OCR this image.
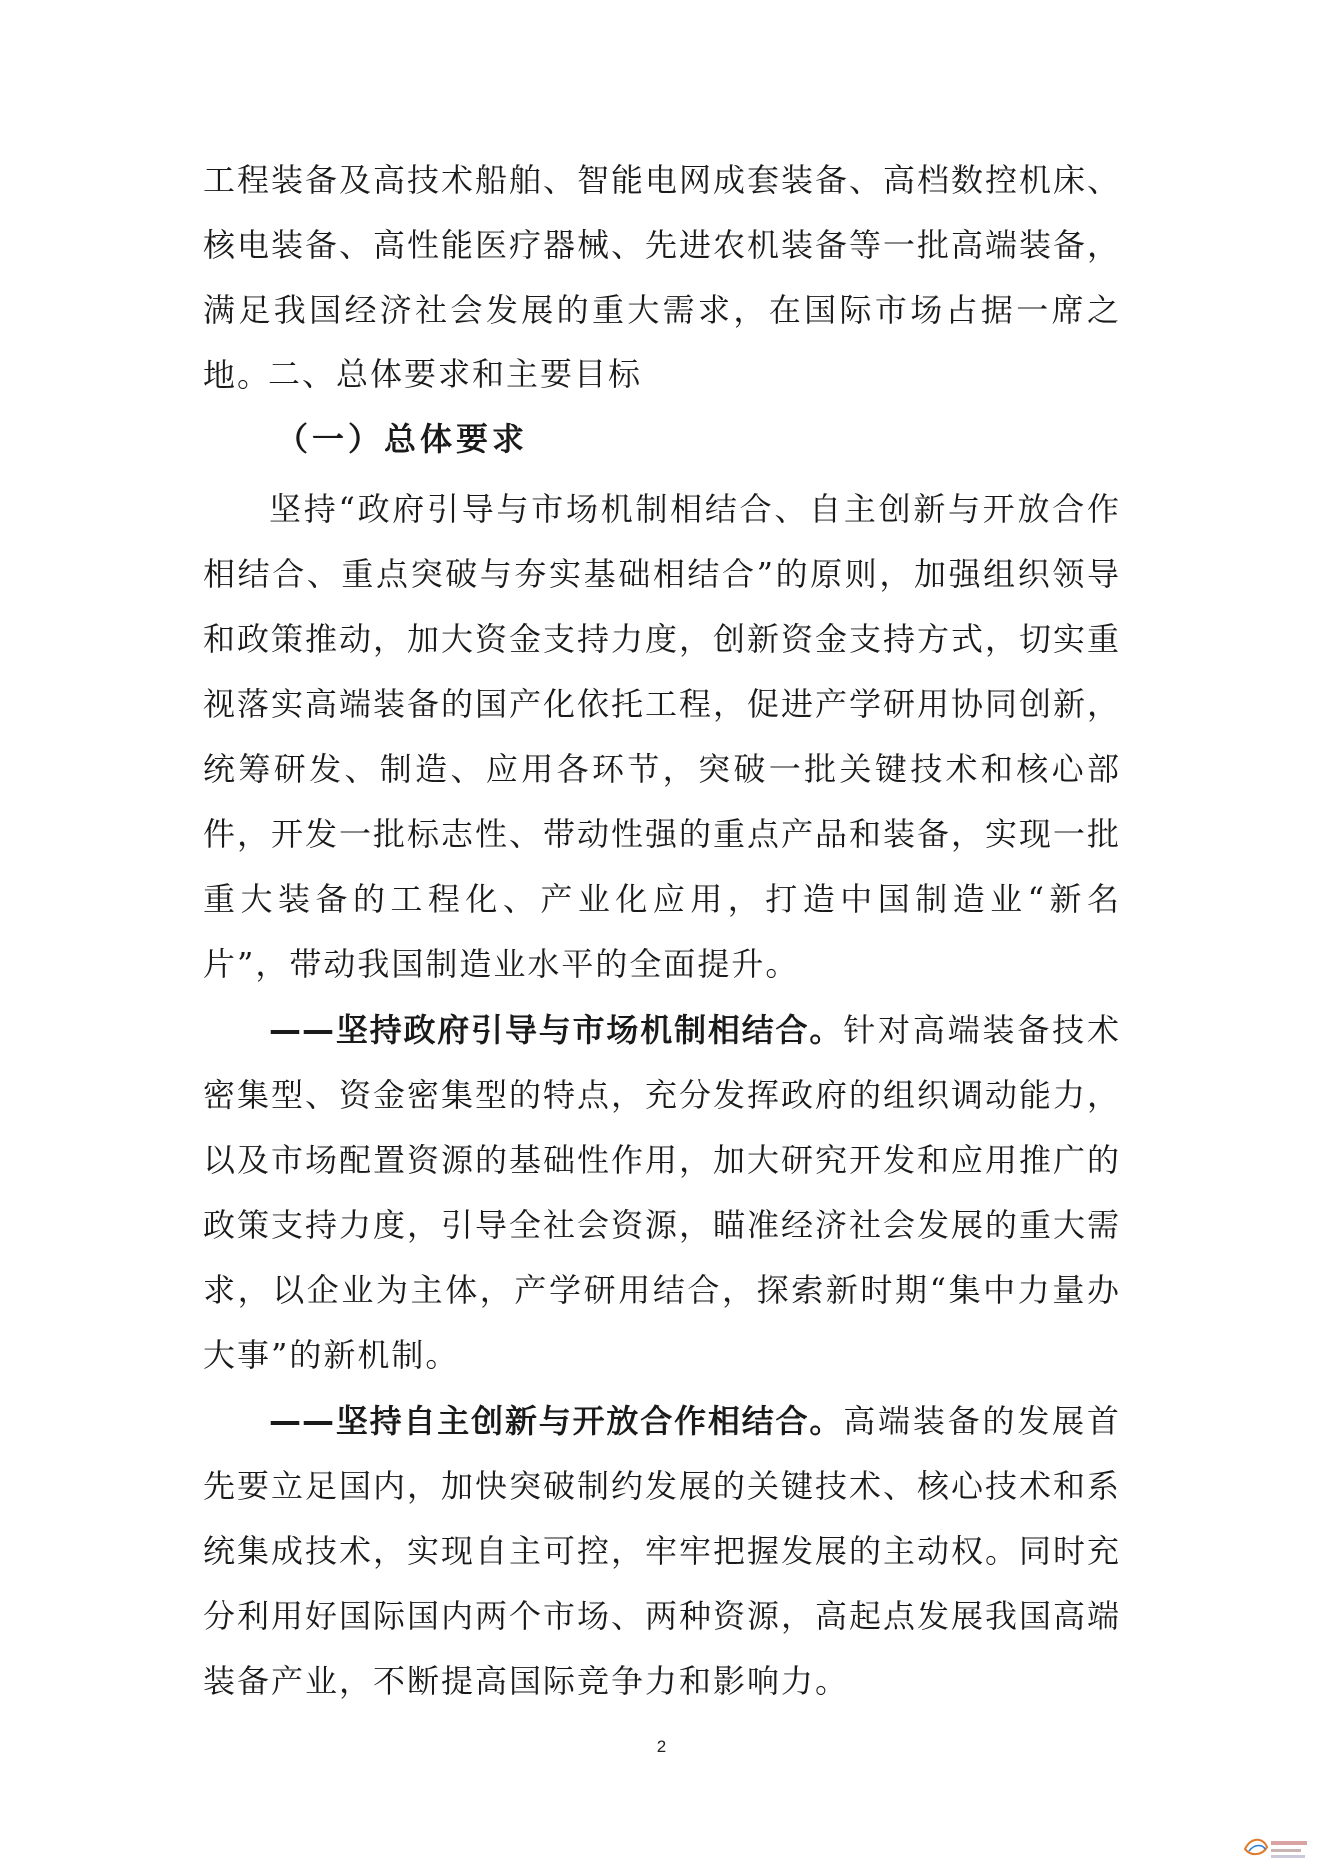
工程装备及高技术船舶、智能电网成套装备、高档数控机床、核电装备、高性能医疗器械、先进农机装备等一批高端装备，满足我国经济社会发展的重大需求，在国际市场占据一席之地。

二、总体要求和主要目标
（一）总体要求

坚持“政府引导与市场机制相结合、自主创新与开放合作相结合、重点突破与夯实基础相结合”的原则，加强组织领导和政策推动，加大资金支持力度，创新资金支持方式，切实重视落实高端装备的国产化依托工程，促进产学研用协同创新，统筹研发、制造、应用各环节，突破一批关键技术和核心部件，开发一批标志性、带动性强的重点产品和装备，实现一批重大装备的工程化、产业化应用，打造中国制造业“新名片”，带动我国制造业水平的全面提升。

——坚持政府引导与市场机制相结合。针对高端装备技术密集型、资金密集型的特点，充分发挥政府的组织调动能力，以及市场配置资源的基础性作用，加大研究开发和应用推广的政策支持力度，引导全社会资源，瞄准经济社会发展的重大需求，以企业为主体，产学研用结合，探索新时期“集中力量办大事”的新机制。

——坚持自主创新与开放合作相结合。高端装备的发展首先要立足国内，加快突破制约发展的关键技术、核心技术和系统集成技术，实现自主可控，牢牢把握发展的主动权。同时充分利用好国际国内两个市场、两种资源，高起点发展我国高端装备产业，不断提高国际竞争力和影响力。

2
